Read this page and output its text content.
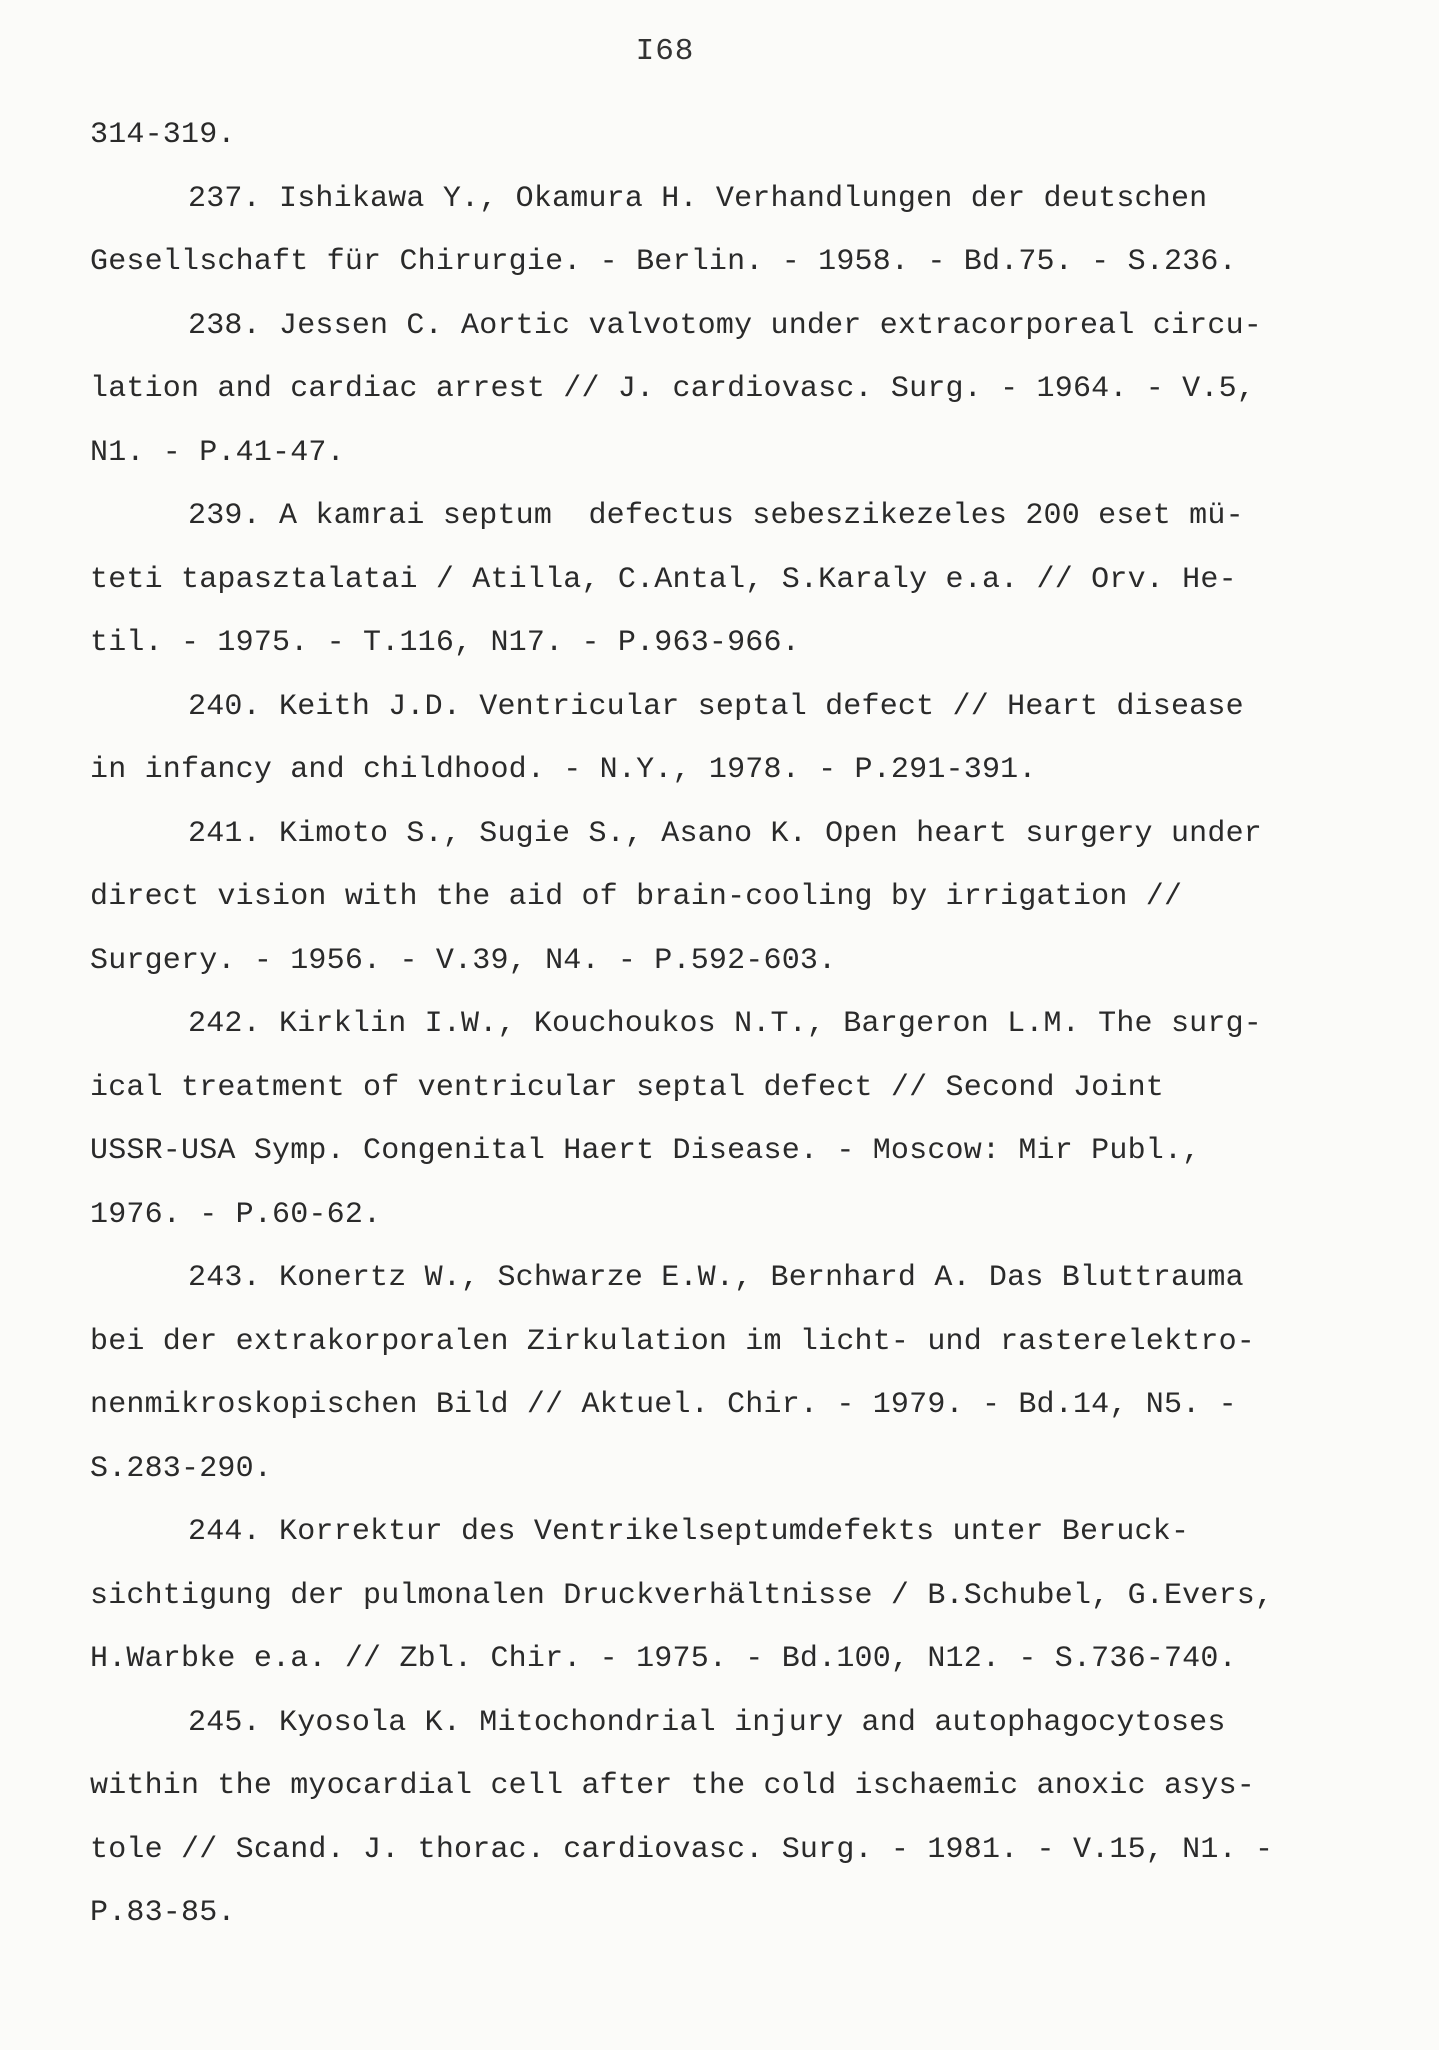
I68
314-319.
237. Ishikawa Y., Okamura H. Verhandlungen der deutschen
Gesellschaft für Chirurgie. - Berlin. - 1958. - Bd.75. - S.236.
238. Jessen C. Aortic valvotomy under extracorporeal circu-
lation and cardiac arrest // J. cardiovasc. Surg. - 1964. - V.5,
N1. - P.41-47.
239. A kamrai septum  defectus sebeszikezeles 200 eset mü-
teti tapasztalatai / Atilla, C.Antal, S.Karaly e.a. // Orv. He-
til. - 1975. - T.116, N17. - P.963-966.
240. Keith J.D. Ventricular septal defect // Heart disease
in infancy and childhood. - N.Y., 1978. - P.291-391.
241. Kimoto S., Sugie S., Asano K. Open heart surgery under
direct vision with the aid of brain-cooling by irrigation //
Surgery. - 1956. - V.39, N4. - P.592-603.
242. Kirklin I.W., Kouchoukos N.T., Bargeron L.M. The surg-
ical treatment of ventricular septal defect // Second Joint
USSR-USA Symp. Congenital Haert Disease. - Moscow: Mir Publ.,
1976. - P.60-62.
243. Konertz W., Schwarze E.W., Bernhard A. Das Bluttrauma
bei der extrakorporalen Zirkulation im licht- und rasterelektro-
nenmikroskopischen Bild // Aktuel. Chir. - 1979. - Bd.14, N5. -
S.283-290.
244. Korrektur des Ventrikelseptumdefekts unter Beruck-
sichtigung der pulmonalen Druckverhältnisse / B.Schubel, G.Evers,
H.Warbke e.a. // Zbl. Chir. - 1975. - Bd.100, N12. - S.736-740.
245. Kyosola K. Mitochondrial injury and autophagocytoses
within the myocardial cell after the cold ischaemic anoxic asys-
tole // Scand. J. thorac. cardiovasc. Surg. - 1981. - V.15, N1. -
P.83-85.
